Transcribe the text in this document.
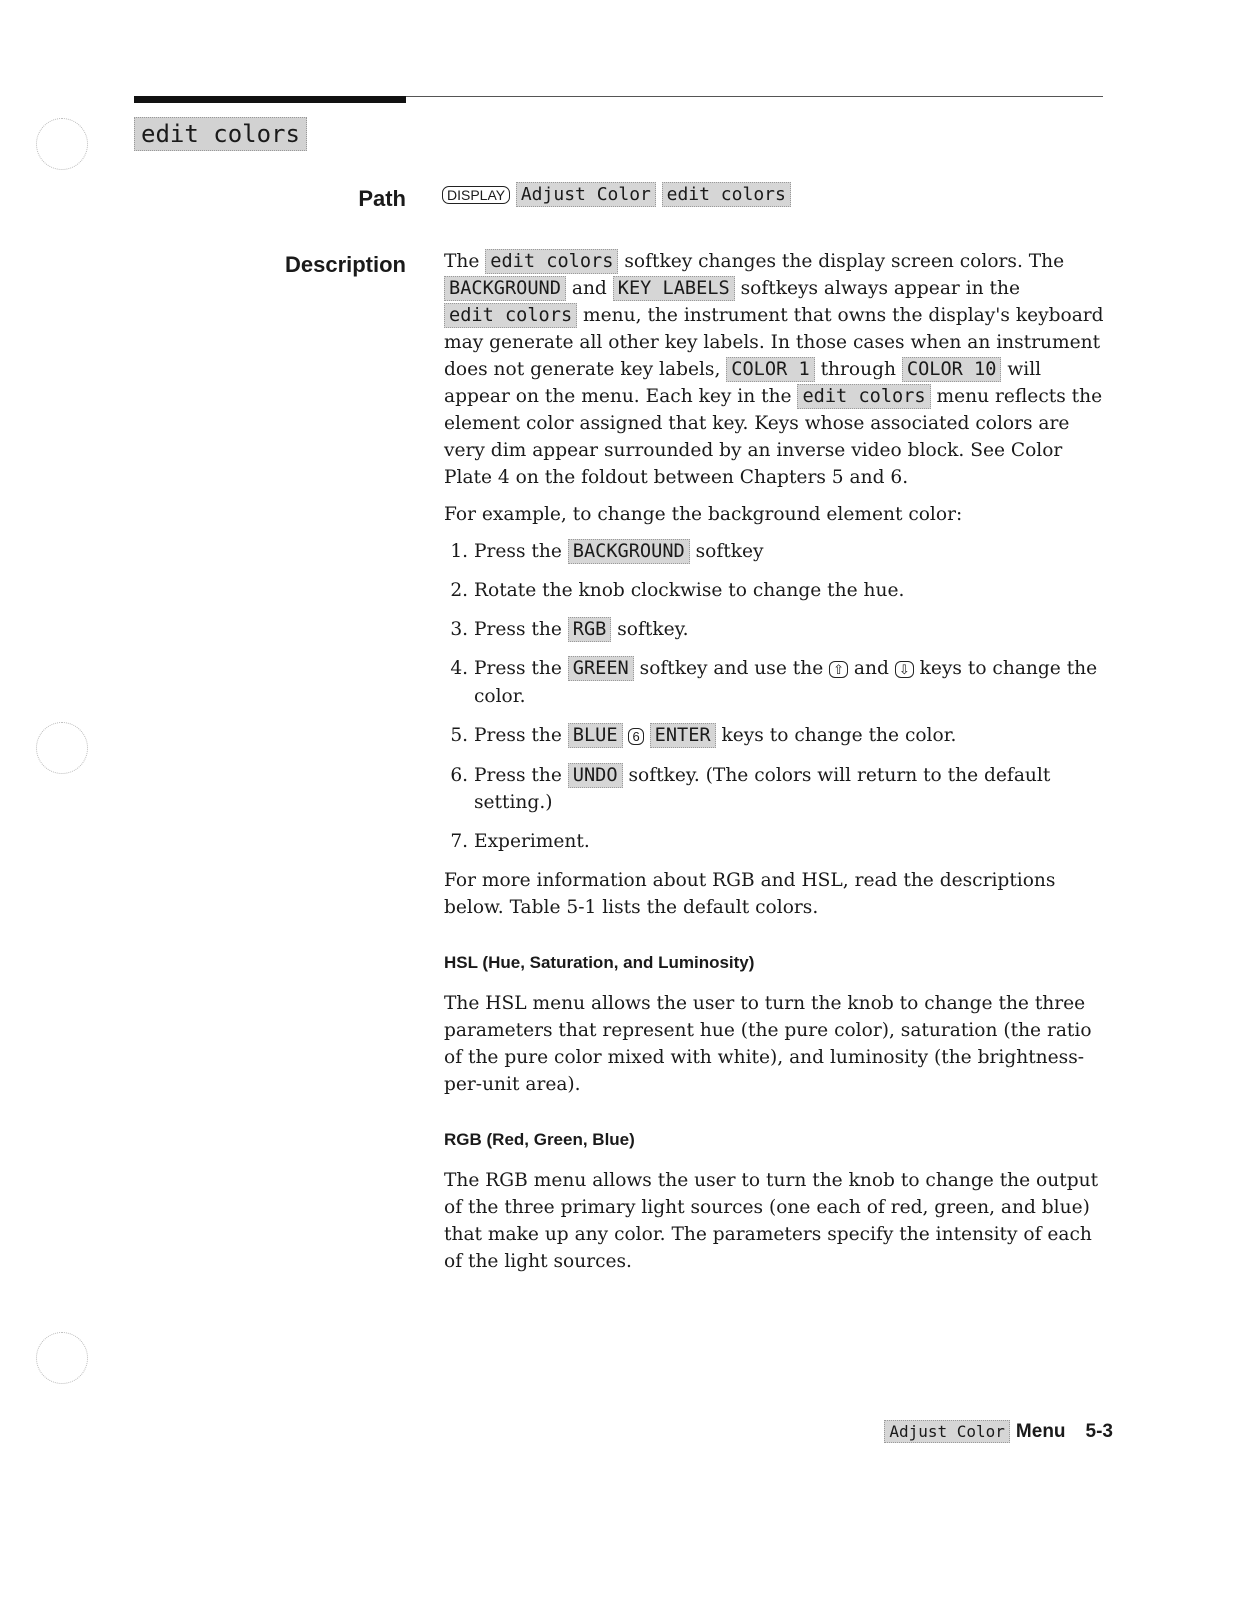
edit colors
Path	DISPLAY Adjust Color edit colors
Description The edit colors softkey changes the display screen colors. The BACKGROUND and KEY LABELS softkeys always appear in the edit colors menu, the instrument that owns the display's keyboard may generate all other key labels. In those cases when an instrument does not generate key labels, COLOR 1 through COLOR 10 will appear on the menu. Each key in the edit colors menu reflects the element color assigned that key. Keys whose associated colors are very dim appear surrounded by an inverse video block. See Color Plate 4 on the foldout between Chapters 5 and 6.

For example, to change the background element color:

1. Press the BACKGROUND softkey
2. Rotate the knob clockwise to change the hue.
3. Press the RGB softkey.
4. Press the GREEN softkey and use the ⇧ and ⇩ keys to change the color.
5. Press the BLUE 6 ENTER keys to change the color.
6. Press the UNDO softkey. (The colors will return to the default setting.)
7. Experiment.

For more information about RGB and HSL, read the descriptions below. Table 5-1 lists the default colors.

HSL (Hue, Saturation, and Luminosity)

The HSL menu allows the user to turn the knob to change the three parameters that represent hue (the pure color), saturation (the ratio of the pure color mixed with white), and luminosity (the brightness-per-unit area).

RGB (Red, Green, Blue)

The RGB menu allows the user to turn the knob to change the output of the three primary light sources (one each of red, green, and blue) that make up any color. The parameters specify the intensity of each of the light sources.

Adjust Color Menu 5-3
